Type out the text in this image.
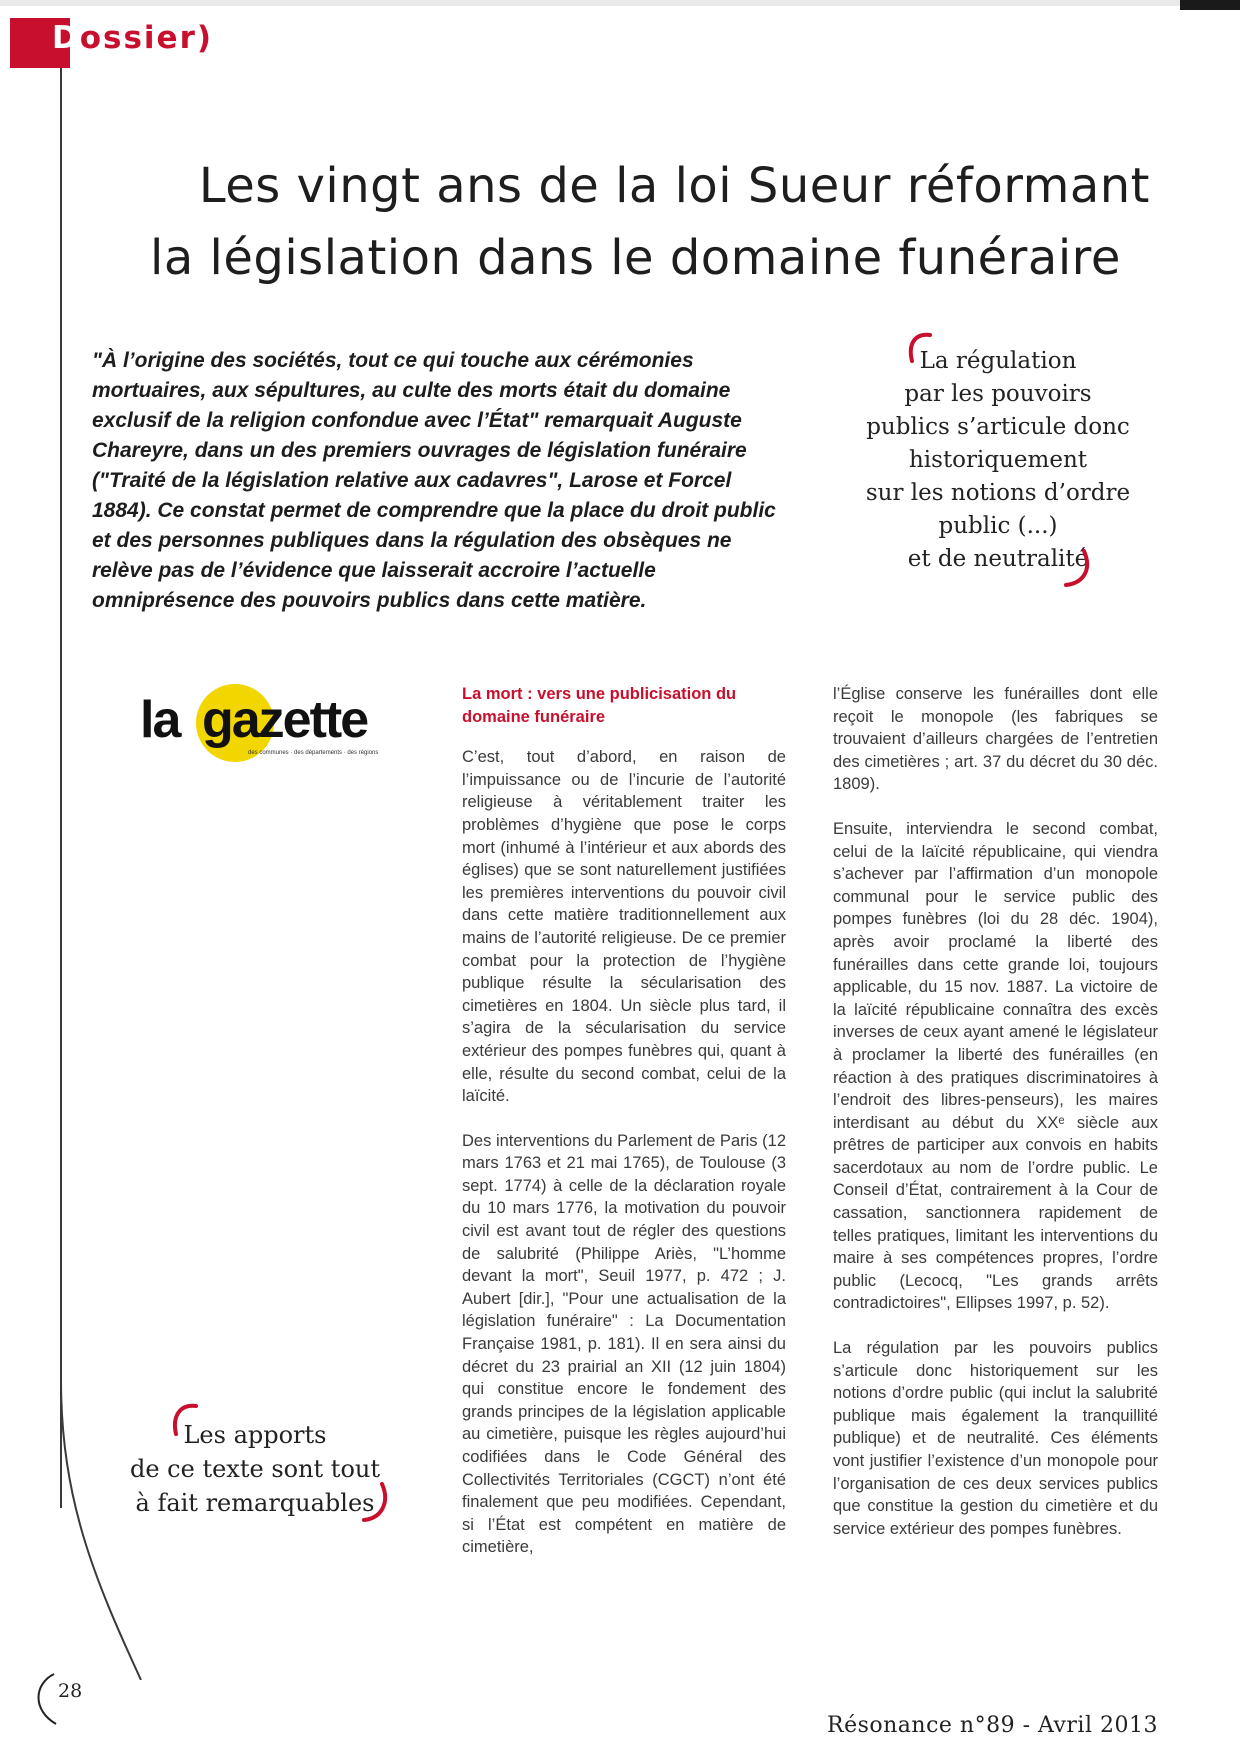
Dossier)
Les vingt ans de la loi Sueur réformant
la législation dans le domaine funéraire

"À l’origine des sociétés, tout ce qui touche aux cérémonies mortuaires, aux sépultures, au culte des morts était du domaine exclusif de la religion confondue avec l’État" remarquait Auguste Chareyre, dans un des premiers ouvrages de législation funéraire ("Traité de la législation relative aux cadavres", Larose et Forcel 1884). Ce constat permet de comprendre que la place du droit public et des personnes publiques dans la régulation des obsèques ne relève pas de l’évidence que laisserait accroire l’actuelle omniprésence des pouvoirs publics dans cette matière.

La régulation
par les pouvoirs
publics s’articule donc
historiquement
sur les notions d’ordre
public (...)
et de neutralité
la gazette
des communes · des départements · des régions
La mort : vers une publicisation du domaine funéraire

C’est, tout d’abord, en raison de l’impuissance ou de l’incurie de l’autorité religieuse à véritablement traiter les problèmes d’hygiène que pose le corps mort (inhumé à l’intérieur et aux abords des églises) que se sont naturellement justifiées les premières interventions du pouvoir civil dans cette matière traditionnellement aux mains de l’autorité religieuse. De ce premier combat pour la protection de l’hygiène publique résulte la sécularisation des cimetières en 1804. Un siècle plus tard, il s’agira de la sécularisation du service extérieur des pompes funèbres qui, quant à elle, résulte du second combat, celui de la laïcité.

Des interventions du Parlement de Paris (12 mars 1763 et 21 mai 1765), de Toulouse (3 sept. 1774) à celle de la déclaration royale du 10 mars 1776, la motivation du pouvoir civil est avant tout de régler des questions de salubrité (Philippe Ariès, "L’homme devant la mort", Seuil 1977, p. 472 ; J. Aubert [dir.], "Pour une actualisation de la législation funéraire" : La Documentation Française 1981, p. 181). Il en sera ainsi du décret du 23 prairial an XII (12 juin 1804) qui constitue encore le fondement des grands principes de la législation applicable au cimetière, puisque les règles aujourd’hui codifiées dans le Code Général des Collectivités Territoriales (CGCT) n’ont été finalement que peu modifiées. Cependant, si l’État est compétent en matière de cimetière,

l’Église conserve les funérailles dont elle reçoit le monopole (les fabriques se trouvaient d’ailleurs chargées de l’entretien des cimetières ; art. 37 du décret du 30 déc. 1809).

Ensuite, interviendra le second combat, celui de la laïcité républicaine, qui viendra s’achever par l’affirmation d’un monopole communal pour le service public des pompes funèbres (loi du 28 déc. 1904), après avoir proclamé la liberté des funérailles dans cette grande loi, toujours applicable, du 15 nov. 1887. La victoire de la laïcité républicaine connaîtra des excès inverses de ceux ayant amené le législateur à proclamer la liberté des funérailles (en réaction à des pratiques discriminatoires à l’endroit des libres-penseurs), les maires interdisant au début du XXᵉ siècle aux prêtres de participer aux convois en habits sacerdotaux au nom de l’ordre public. Le Conseil d’État, contrairement à la Cour de cassation, sanctionnera rapidement de telles pratiques, limitant les interventions du maire à ses compétences propres, l’ordre public (Lecocq, "Les grands arrêts contradictoires", Ellipses 1997, p. 52).

La régulation par les pouvoirs publics s’articule donc historiquement sur les notions d’ordre public (qui inclut la salubrité publique mais également la tranquillité publique) et de neutralité. Ces éléments vont justifier l’existence d’un monopole pour l’organisation de ces deux services publics que constitue la gestion du cimetière et du service extérieur des pompes funèbres.

Les apports
de ce texte sont tout
à fait remarquables
28
Résonance n°89 - Avril 2013
